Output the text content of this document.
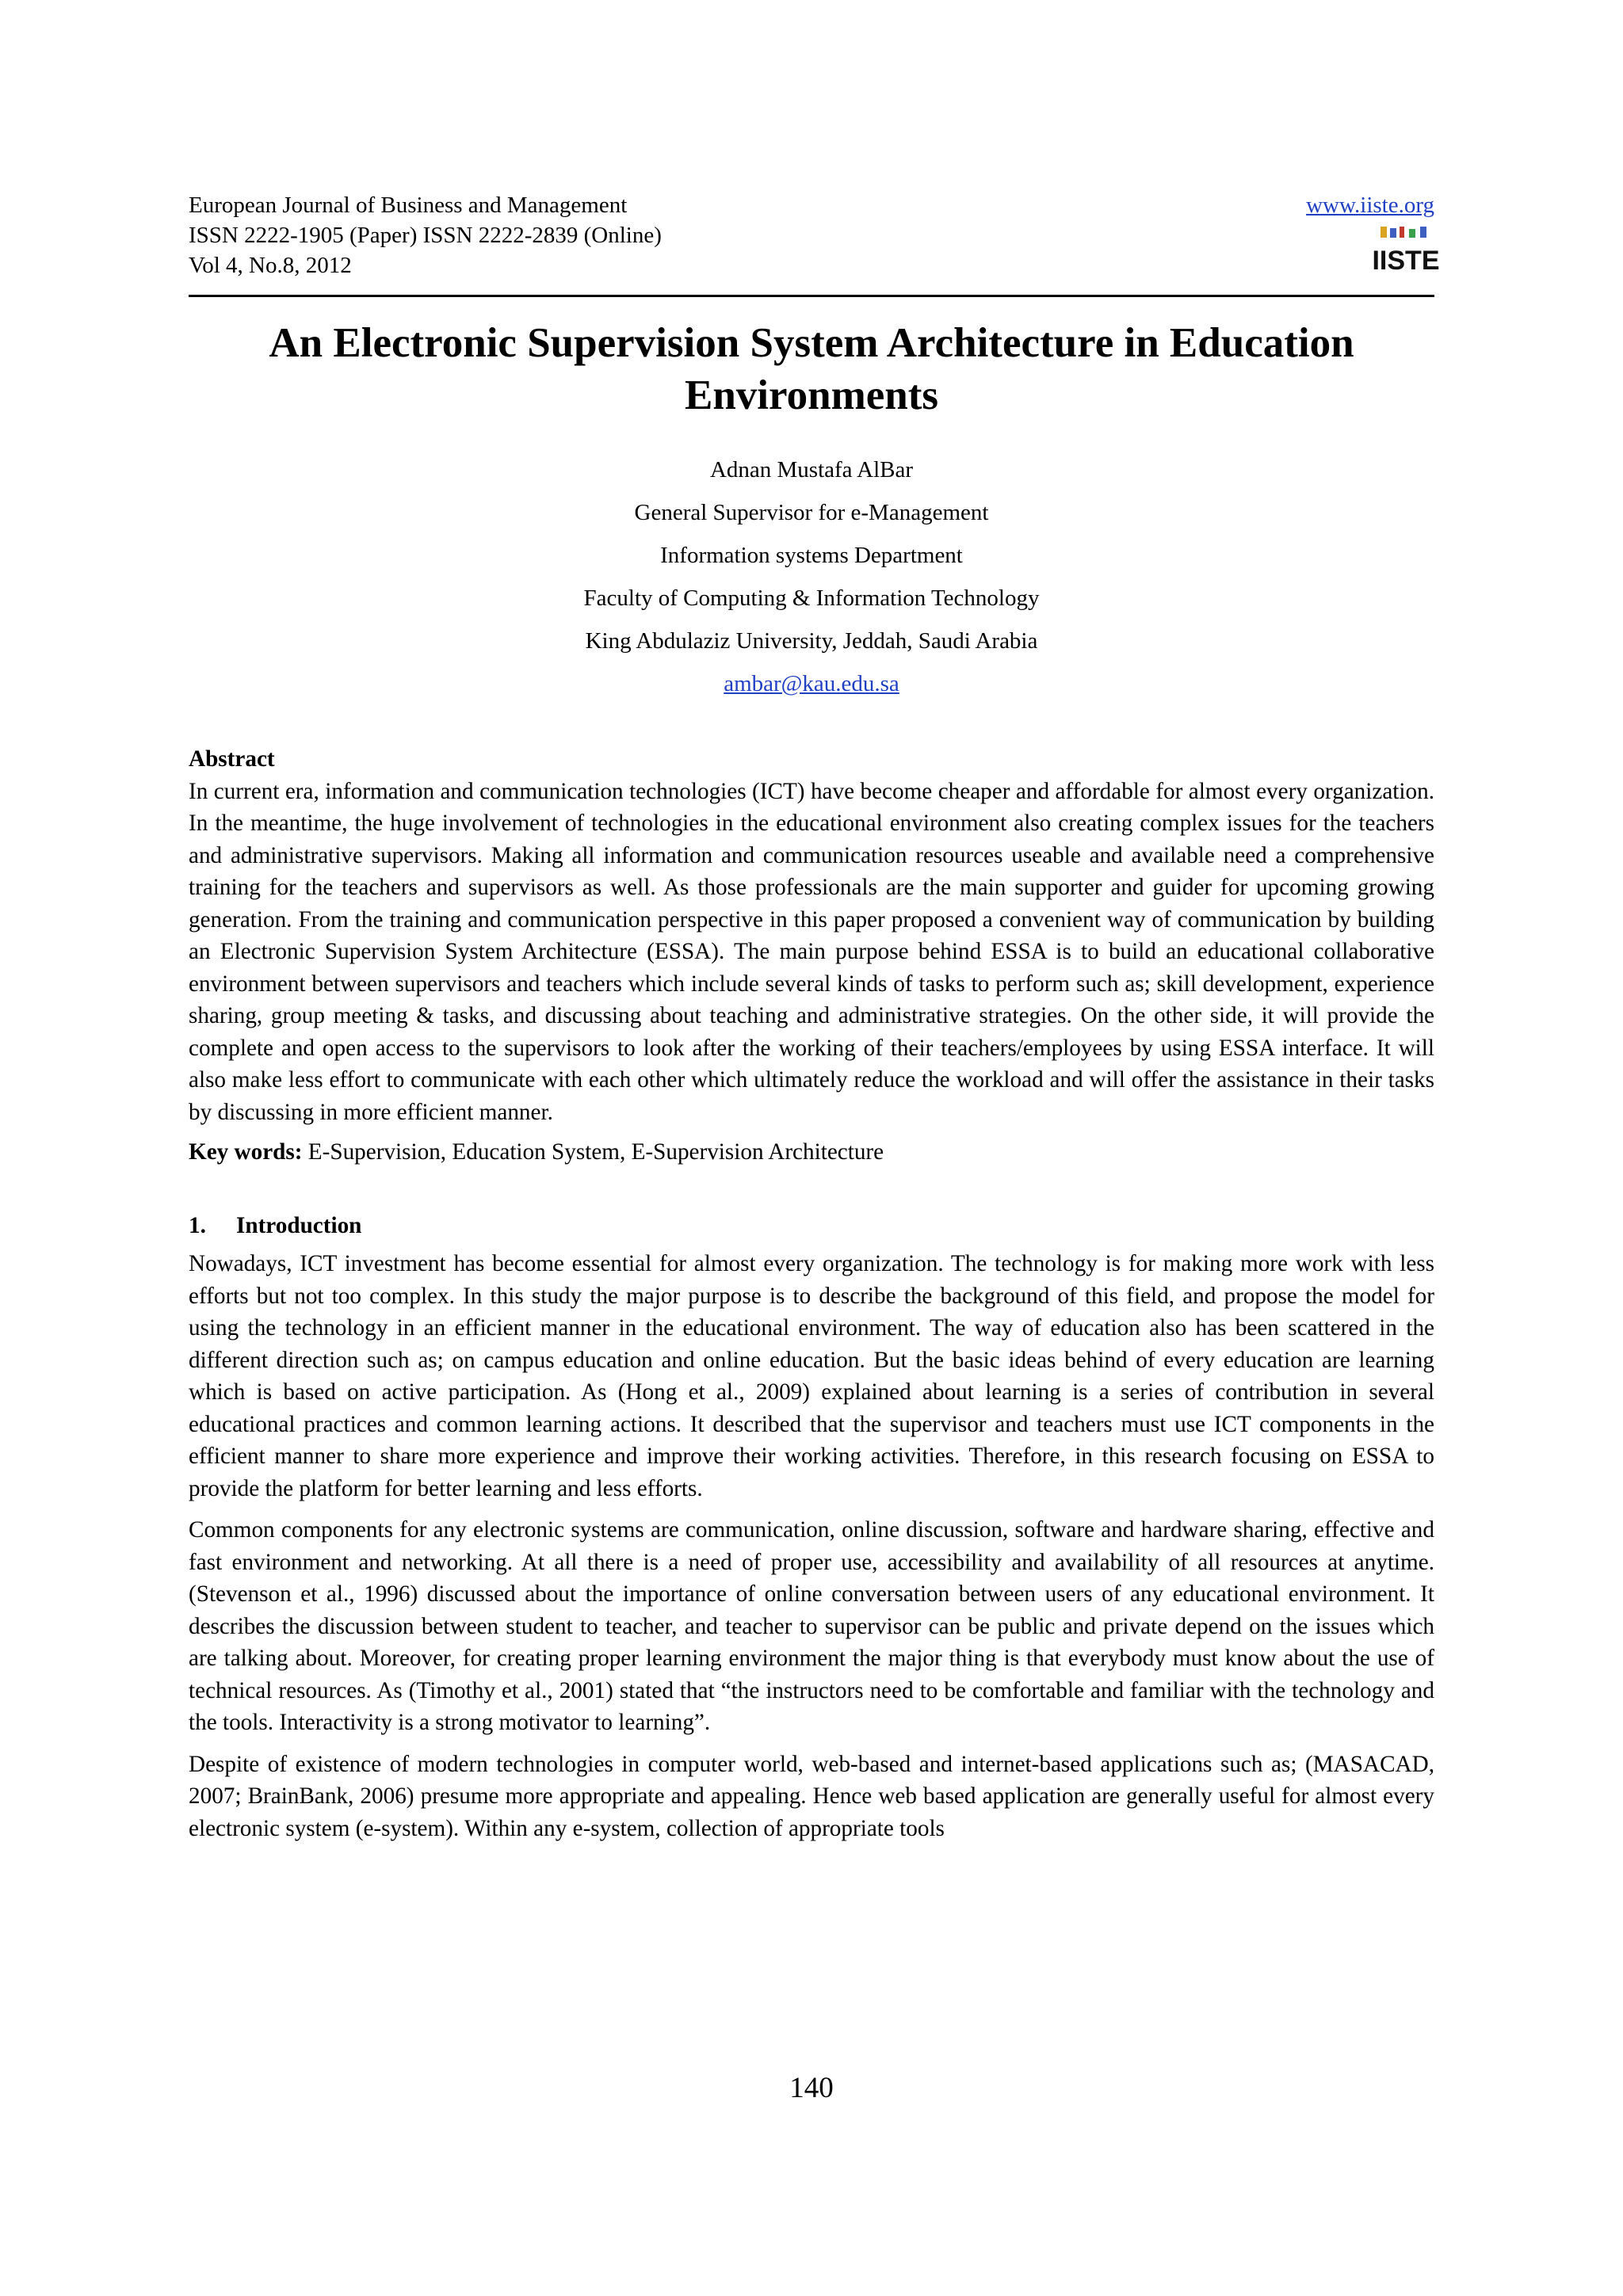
European Journal of Business and Management
ISSN 2222-1905 (Paper) ISSN 2222-2839 (Online)
Vol 4, No.8, 2012
www.iiste.org
IISTE
An Electronic Supervision System Architecture in Education Environments
Adnan Mustafa AlBar
General Supervisor for e-Management
Information systems Department
Faculty of Computing & Information Technology
King Abdulaziz University, Jeddah, Saudi Arabia
ambar@kau.edu.sa

Abstract

In current era, information and communication technologies (ICT) have become cheaper and affordable for almost every organization. In the meantime, the huge involvement of technologies in the educational environment also creating complex issues for the teachers and administrative supervisors. Making all information and communication resources useable and available need a comprehensive training for the teachers and supervisors as well. As those professionals are the main supporter and guider for upcoming growing generation. From the training and communication perspective in this paper proposed a convenient way of communication by building an Electronic Supervision System Architecture (ESSA). The main purpose behind ESSA is to build an educational collaborative environment between supervisors and teachers which include several kinds of tasks to perform such as; skill development, experience sharing, group meeting & tasks, and discussing about teaching and administrative strategies. On the other side, it will provide the complete and open access to the supervisors to look after the working of their teachers/employees by using ESSA interface. It will also make less effort to communicate with each other which ultimately reduce the workload and will offer the assistance in their tasks by discussing in more efficient manner.

Key words: E-Supervision, Education System, E-Supervision Architecture

1. Introduction

Nowadays, ICT investment has become essential for almost every organization. The technology is for making more work with less efforts but not too complex. In this study the major purpose is to describe the background of this field, and propose the model for using the technology in an efficient manner in the educational environment. The way of education also has been scattered in the different direction such as; on campus education and online education. But the basic ideas behind of every education are learning which is based on active participation. As (Hong et al., 2009) explained about learning is a series of contribution in several educational practices and common learning actions. It described that the supervisor and teachers must use ICT components in the efficient manner to share more experience and improve their working activities. Therefore, in this research focusing on ESSA to provide the platform for better learning and less efforts.

Common components for any electronic systems are communication, online discussion, software and hardware sharing, effective and fast environment and networking. At all there is a need of proper use, accessibility and availability of all resources at anytime. (Stevenson et al., 1996) discussed about the importance of online conversation between users of any educational environment. It describes the discussion between student to teacher, and teacher to supervisor can be public and private depend on the issues which are talking about. Moreover, for creating proper learning environment the major thing is that everybody must know about the use of technical resources. As (Timothy et al., 2001) stated that “the instructors need to be comfortable and familiar with the technology and the tools. Interactivity is a strong motivator to learning”.

Despite of existence of modern technologies in computer world, web-based and internet-based applications such as; (MASACAD, 2007; BrainBank, 2006) presume more appropriate and appealing. Hence web based application are generally useful for almost every electronic system (e-system). Within any e-system, collection of appropriate tools

140
